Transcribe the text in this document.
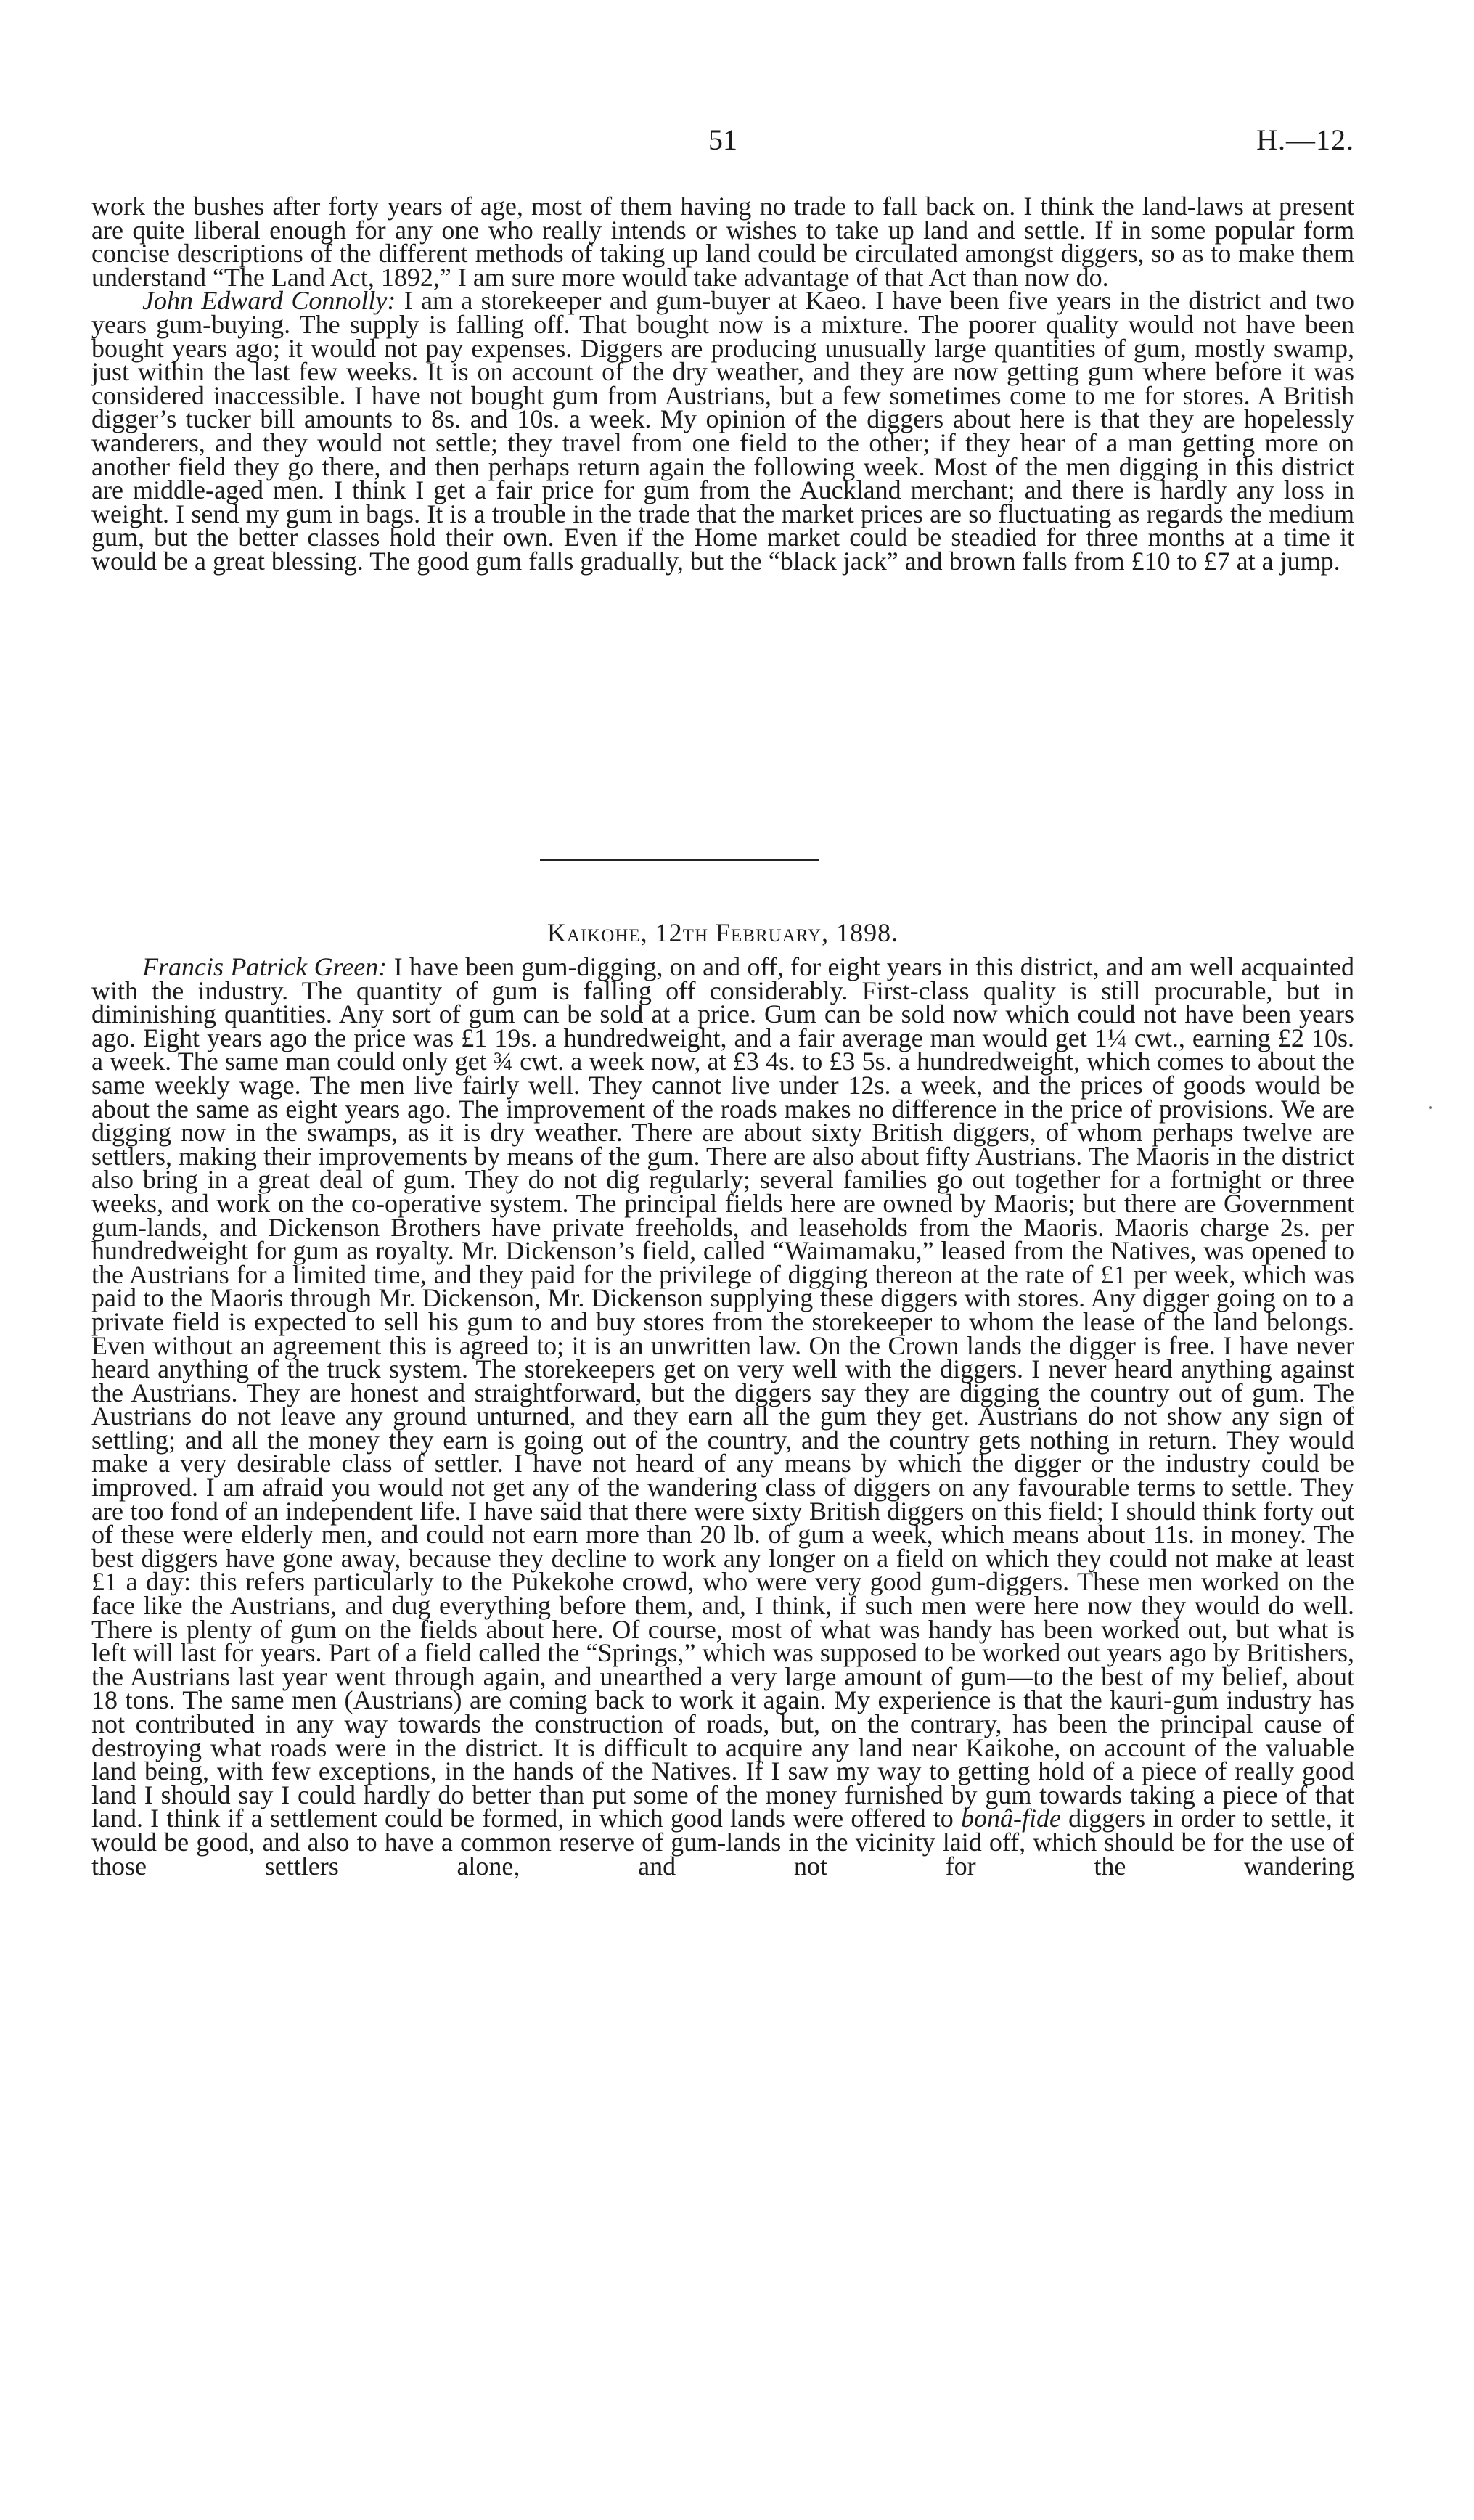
51	H.—12.

work the bushes after forty years of age, most of them having no trade to fall back on. I think the land-laws at present are quite liberal enough for any one who really intends or wishes to take up land and settle. If in some popular form concise descriptions of the different methods of taking up land could be circulated amongst diggers, so as to make them understand “The Land Act, 1892,” I am sure more would take advantage of that Act than now do.

John Edward Connolly: I am a storekeeper and gum-buyer at Kaeo. I have been five years in the district and two years gum-buying. The supply is falling off. That bought now is a mixture. The poorer quality would not have been bought years ago; it would not pay expenses. Diggers are producing unusually large quantities of gum, mostly swamp, just within the last few weeks. It is on account of the dry weather, and they are now getting gum where before it was considered inaccessible. I have not bought gum from Austrians, but a few sometimes come to me for stores. A British digger’s tucker bill amounts to 8s. and 10s. a week. My opinion of the diggers about here is that they are hopelessly wanderers, and they would not settle; they travel from one field to the other; if they hear of a man getting more on another field they go there, and then perhaps return again the following week. Most of the men digging in this district are middle-aged men. I think I get a fair price for gum from the Auckland merchant; and there is hardly any loss in weight. I send my gum in bags. It is a trouble in the trade that the market prices are so fluctuating as regards the medium gum, but the better classes hold their own. Even if the Home market could be steadied for three months at a time it would be a great blessing. The good gum falls gradually, but the “black jack” and brown falls from £10 to £7 at a jump.

Kaikohe, 12th February, 1898.

Francis Patrick Green: I have been gum-digging, on and off, for eight years in this district, and am well acquainted with the industry. The quantity of gum is falling off considerably. First-class quality is still procurable, but in diminishing quantities. Any sort of gum can be sold at a price. Gum can be sold now which could not have been years ago. Eight years ago the price was £1 19s. a hundredweight, and a fair average man would get 1¼ cwt., earning £2 10s. a week. The same man could only get ¾ cwt. a week now, at £3 4s. to £3 5s. a hundredweight, which comes to about the same weekly wage. The men live fairly well. They cannot live under 12s. a week, and the prices of goods would be about the same as eight years ago. The improvement of the roads makes no difference in the price of provisions. We are digging now in the swamps, as it is dry weather. There are about sixty British diggers, of whom perhaps twelve are settlers, making their improvements by means of the gum. There are also about fifty Austrians. The Maoris in the district also bring in a great deal of gum. They do not dig regularly; several families go out together for a fortnight or three weeks, and work on the co-operative system. The principal fields here are owned by Maoris; but there are Government gum-lands, and Dickenson Brothers have private freeholds, and leaseholds from the Maoris. Maoris charge 2s. per hundredweight for gum as royalty. Mr. Dickenson’s field, called “Waimamaku,” leased from the Natives, was opened to the Austrians for a limited time, and they paid for the privilege of digging thereon at the rate of £1 per week, which was paid to the Maoris through Mr. Dickenson, Mr. Dickenson supplying these diggers with stores. Any digger going on to a private field is expected to sell his gum to and buy stores from the storekeeper to whom the lease of the land belongs. Even without an agreement this is agreed to; it is an unwritten law. On the Crown lands the digger is free. I have never heard anything of the truck system. The storekeepers get on very well with the diggers. I never heard anything against the Austrians. They are honest and straightforward, but the diggers say they are digging the country out of gum. The Austrians do not leave any ground unturned, and they earn all the gum they get. Austrians do not show any sign of settling; and all the money they earn is going out of the country, and the country gets nothing in return. They would make a very desirable class of settler. I have not heard of any means by which the digger or the industry could be improved. I am afraid you would not get any of the wandering class of diggers on any favourable terms to settle. They are too fond of an independent life. I have said that there were sixty British diggers on this field; I should think forty out of these were elderly men, and could not earn more than 20 lb. of gum a week, which means about 11s. in money. The best diggers have gone away, because they decline to work any longer on a field on which they could not make at least £1 a day: this refers particularly to the Pukekohe crowd, who were very good gum-diggers. These men worked on the face like the Austrians, and dug everything before them, and, I think, if such men were here now they would do well. There is plenty of gum on the fields about here. Of course, most of what was handy has been worked out, but what is left will last for years. Part of a field called the “Springs,” which was supposed to be worked out years ago by Britishers, the Austrians last year went through again, and unearthed a very large amount of gum—to the best of my belief, about 18 tons. The same men (Austrians) are coming back to work it again. My experience is that the kauri-gum industry has not contributed in any way towards the construction of roads, but, on the contrary, has been the principal cause of destroying what roads were in the district. It is difficult to acquire any land near Kaikohe, on account of the valuable land being, with few exceptions, in the hands of the Natives. If I saw my way to getting hold of a piece of really good land I should say I could hardly do better than put some of the money furnished by gum towards taking a piece of that land. I think if a settlement could be formed, in which good lands were offered to bonâ-fide diggers in order to settle, it would be good, and also to have a common reserve of gum-lands in the vicinity laid off, which should be for the use of those settlers alone, and not for the wandering
